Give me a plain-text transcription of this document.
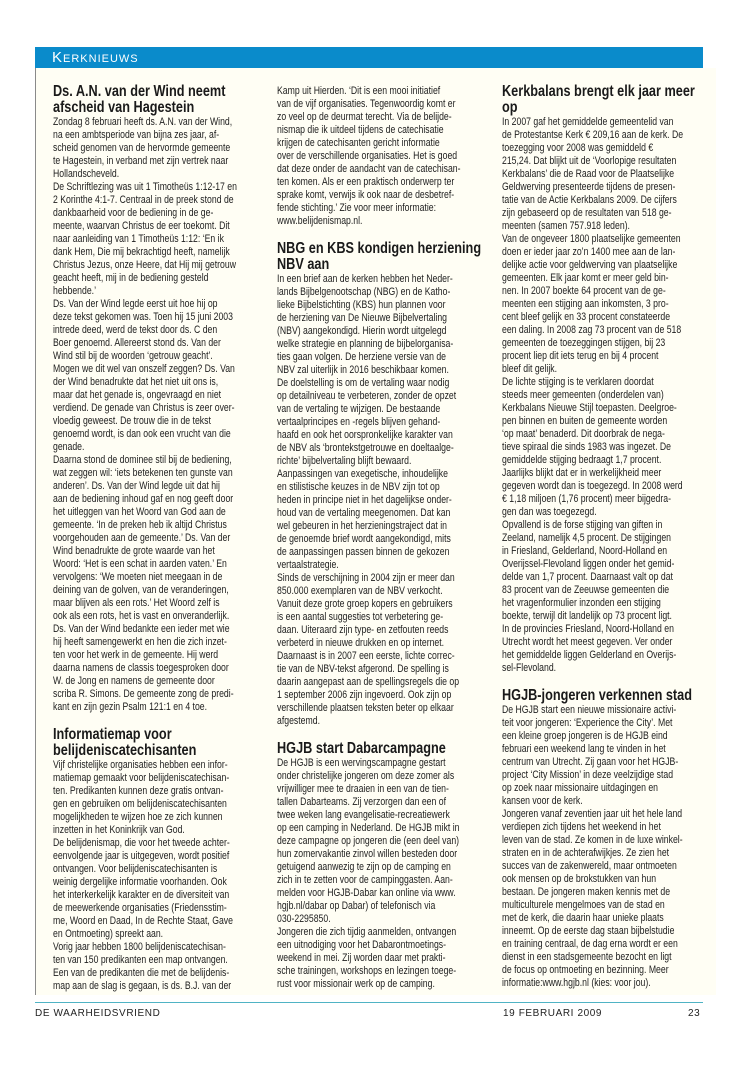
Kerknieuws
Ds. A.N. van der Wind neemt
afscheid van Hagestein
Zondag 8 februari heeft ds. A.N. van der Wind,
na een ambtsperiode van bijna zes jaar, af-
scheid genomen van de hervormde gemeente
te Hagestein, in verband met zijn vertrek naar
Hollandscheveld.
De Schriftlezing was uit 1 Timotheüs 1:12-17 en
2 Korinthe 4:1-7. Centraal in de preek stond de
dankbaarheid voor de bediening in de ge-
meente, waarvan Christus de eer toekomt. Dit
naar aanleiding van 1 Timotheüs 1:12: ‘En ik
dank Hem, Die mij bekrachtigd heeft, namelijk
Christus Jezus, onze Heere, dat Hij mij getrouw
geacht heeft, mij in de bediening gesteld
hebbende.’
Ds. Van der Wind legde eerst uit hoe hij op
deze tekst gekomen was. Toen hij 15 juni 2003
intrede deed, werd de tekst door ds. C den
Boer genoemd. Allereerst stond ds. Van der
Wind stil bij de woorden ‘getrouw geacht’.
Mogen we dit wel van onszelf zeggen? Ds. Van
der Wind benadrukte dat het niet uit ons is,
maar dat het genade is, ongevraagd en niet
verdiend. De genade van Christus is zeer over-
vloedig geweest. De trouw die in de tekst
genoemd wordt, is dan ook een vrucht van die
genade.
Daarna stond de dominee stil bij de bediening,
wat zeggen wil: ‘iets betekenen ten gunste van
anderen’. Ds. Van der Wind legde uit dat hij
aan de bediening inhoud gaf en nog geeft door
het uitleggen van het Woord van God aan de
gemeente. ‘In de preken heb ik altijd Christus
voorgehouden aan de gemeente.’ Ds. Van der
Wind benadrukte de grote waarde van het
Woord: ‘Het is een schat in aarden vaten.’ En
vervolgens: ‘We moeten niet meegaan in de
deining van de golven, van de veranderingen,
maar blijven als een rots.’ Het Woord zelf is
ook als een rots, het is vast en onveranderlijk.
Ds. Van der Wind bedankte een ieder met wie
hij heeft samengewerkt en hen die zich inzet-
ten voor het werk in de gemeente. Hij werd
daarna namens de classis toegesproken door
W. de Jong en namens de gemeente door
scriba R. Simons. De gemeente zong de predi-
kant en zijn gezin Psalm 121:1 en 4 toe.
Informatiemap voor
belijdeniscatechisanten
Vijf christelijke organisaties hebben een infor-
matiemap gemaakt voor belijdeniscatechisan-
ten. Predikanten kunnen deze gratis ontvan-
gen en gebruiken om belijdeniscatechisanten
mogelijkheden te wijzen hoe ze zich kunnen
inzetten in het Koninkrijk van God.
De belijdenismap, die voor het tweede achter-
eenvolgende jaar is uitgegeven, wordt positief
ontvangen. Voor belijdeniscatechisanten is
weinig dergelijke informatie voorhanden. Ook
het interkerkelijk karakter en de diversiteit van
de meewerkende organisaties (Friedensstim-
me, Woord en Daad, In de Rechte Staat, Gave
en Ontmoeting) spreekt aan.
Vorig jaar hebben 1800 belijdeniscatechisan-
ten van 150 predikanten een map ontvangen.
Een van de predikanten die met de belijdenis-
map aan de slag is gegaan, is ds. B.J. van der
Kamp uit Hierden. ‘Dit is een mooi initiatief
van de vijf organisaties. Tegenwoordig komt er
zo veel op de deurmat terecht. Via de belijde-
nismap die ik uitdeel tijdens de catechisatie
krijgen de catechisanten gericht informatie
over de verschillende organisaties. Het is goed
dat deze onder de aandacht van de catechisan-
ten komen. Als er een praktisch onderwerp ter
sprake komt, verwijs ik ook naar de desbetref-
fende stichting.’ Zie voor meer informatie:
www.belijdenismap.nl.
NBG en KBS kondigen herziening
NBV aan
In een brief aan de kerken hebben het Neder-
lands Bijbelgenootschap (NBG) en de Katho-
lieke Bijbelstichting (KBS) hun plannen voor
de herziening van De Nieuwe Bijbelvertaling
(NBV) aangekondigd. Hierin wordt uitgelegd
welke strategie en planning de bijbelorganisa-
ties gaan volgen. De herziene versie van de
NBV zal uiterlijk in 2016 beschikbaar komen.
De doelstelling is om de vertaling waar nodig
op detailniveau te verbeteren, zonder de opzet
van de vertaling te wijzigen. De bestaande
vertaalprincipes en -regels blijven gehand-
haafd en ook het oorspronkelijke karakter van
de NBV als ‘brontekstgetrouwe en doeltaalge-
richte’ bijbelvertaling blijft bewaard.
Aanpassingen van exegetische, inhoudelijke
en stilistische keuzes in de NBV zijn tot op
heden in principe niet in het dagelijkse onder-
houd van de vertaling meegenomen. Dat kan
wel gebeuren in het herzieningstraject dat in
de genoemde brief wordt aangekondigd, mits
de aanpassingen passen binnen de gekozen
vertaalstrategie.
Sinds de verschijning in 2004 zijn er meer dan
850.000 exemplaren van de NBV verkocht.
Vanuit deze grote groep kopers en gebruikers
is een aantal suggesties tot verbetering ge-
daan. Uiteraard zijn type- en zetfouten reeds
verbeterd in nieuwe drukken en op internet.
Daarnaast is in 2007 een eerste, lichte correc-
tie van de NBV-tekst afgerond. De spelling is
daarin aangepast aan de spellingsregels die op
1 september 2006 zijn ingevoerd. Ook zijn op
verschillende plaatsen teksten beter op elkaar
afgestemd.
HGJB start Dabarcampagne
De HGJB is een wervingscampagne gestart
onder christelijke jongeren om deze zomer als
vrijwilliger mee te draaien in een van de tien-
tallen Dabarteams. Zij verzorgen dan een of
twee weken lang evangelisatie-recreatiewerk
op een camping in Nederland. De HGJB mikt in
deze campagne op jongeren die (een deel van)
hun zomervakantie zinvol willen besteden door
getuigend aanwezig te zijn op de camping en
zich in te zetten voor de campinggasten. Aan-
melden voor HGJB-Dabar kan online via www.
hgjb.nl/dabar op Dabar) of telefonisch via
030-2295850.
Jongeren die zich tijdig aanmelden, ontvangen
een uitnodiging voor het Dabarontmoetings-
weekend in mei. Zij worden daar met prakti-
sche trainingen, workshops en lezingen toege-
rust voor missionair werk op de camping.
Kerkbalans brengt elk jaar meer
op
In 2007 gaf het gemiddelde gemeentelid van
de Protestantse Kerk € 209,16 aan de kerk. De
toezegging voor 2008 was gemiddeld €
215,24. Dat blijkt uit de ‘Voorlopige resultaten
Kerkbalans’ die de Raad voor de Plaatselijke
Geldwerving presenteerde tijdens de presen-
tatie van de Actie Kerkbalans 2009. De cijfers
zijn gebaseerd op de resultaten van 518 ge-
meenten (samen 757.918 leden).
Van de ongeveer 1800 plaatselijke gemeenten
doen er ieder jaar zo’n 1400 mee aan de lan-
delijke actie voor geldwerving van plaatselijke
gemeenten. Elk jaar komt er meer geld bin-
nen. In 2007 boekte 64 procent van de ge-
meenten een stijging aan inkomsten, 3 pro-
cent bleef gelijk en 33 procent constateerde
een daling. In 2008 zag 73 procent van de 518
gemeenten de toezeggingen stijgen, bij 23
procent liep dit iets terug en bij 4 procent
bleef dit gelijk.
De lichte stijging is te verklaren doordat
steeds meer gemeenten (onderdelen van)
Kerkbalans Nieuwe Stijl toepasten. Deelgroe-
pen binnen en buiten de gemeente worden
‘op maat’ benaderd. Dit doorbrak de nega-
tieve spiraal die sinds 1983 was ingezet. De
gemiddelde stijging bedraagt 1,7 procent.
Jaarlijks blijkt dat er in werkelijkheid meer
gegeven wordt dan is toegezegd. In 2008 werd
€ 1,18 miljoen (1,76 procent) meer bijgedra-
gen dan was toegezegd.
Opvallend is de forse stijging van giften in
Zeeland, namelijk 4,5 procent. De stijgingen
in Friesland, Gelderland, Noord-Holland en
Overijssel-Flevoland liggen onder het gemid-
delde van 1,7 procent. Daarnaast valt op dat
83 procent van de Zeeuwse gemeenten die
het vragenformulier inzonden een stijging
boekte, terwijl dit landelijk op 73 procent ligt.
In de provincies Friesland, Noord-Holland en
Utrecht wordt het meest gegeven. Ver onder
het gemiddelde liggen Gelderland en Overijs-
sel-Flevoland.
HGJB-jongeren verkennen stad
De HGJB start een nieuwe missionaire activi-
teit voor jongeren: ‘Experience the City’. Met
een kleine groep jongeren is de HGJB eind
februari een weekend lang te vinden in het
centrum van Utrecht. Zij gaan voor het HGJB-
project ‘City Mission’ in deze veelzijdige stad
op zoek naar missionaire uitdagingen en
kansen voor de kerk.
Jongeren vanaf zeventien jaar uit het hele land
verdiepen zich tijdens het weekend in het
leven van de stad. Ze komen in de luxe winkel-
straten en in de achterafwijkjes. Ze zien het
succes van de zakenwereld, maar ontmoeten
ook mensen op de brokstukken van hun
bestaan. De jongeren maken kennis met de
multiculturele mengelmoes van de stad en
met de kerk, die daarin haar unieke plaats
inneemt. Op de eerste dag staan bijbelstudie
en training centraal, de dag erna wordt er een
dienst in een stadsgemeente bezocht en ligt
de focus op ontmoeting en bezinning. Meer
informatie:www.hgjb.nl (kies: voor jou).
DE WAARHEIDSVRIEND	19 FEBRUARI 2009	23
